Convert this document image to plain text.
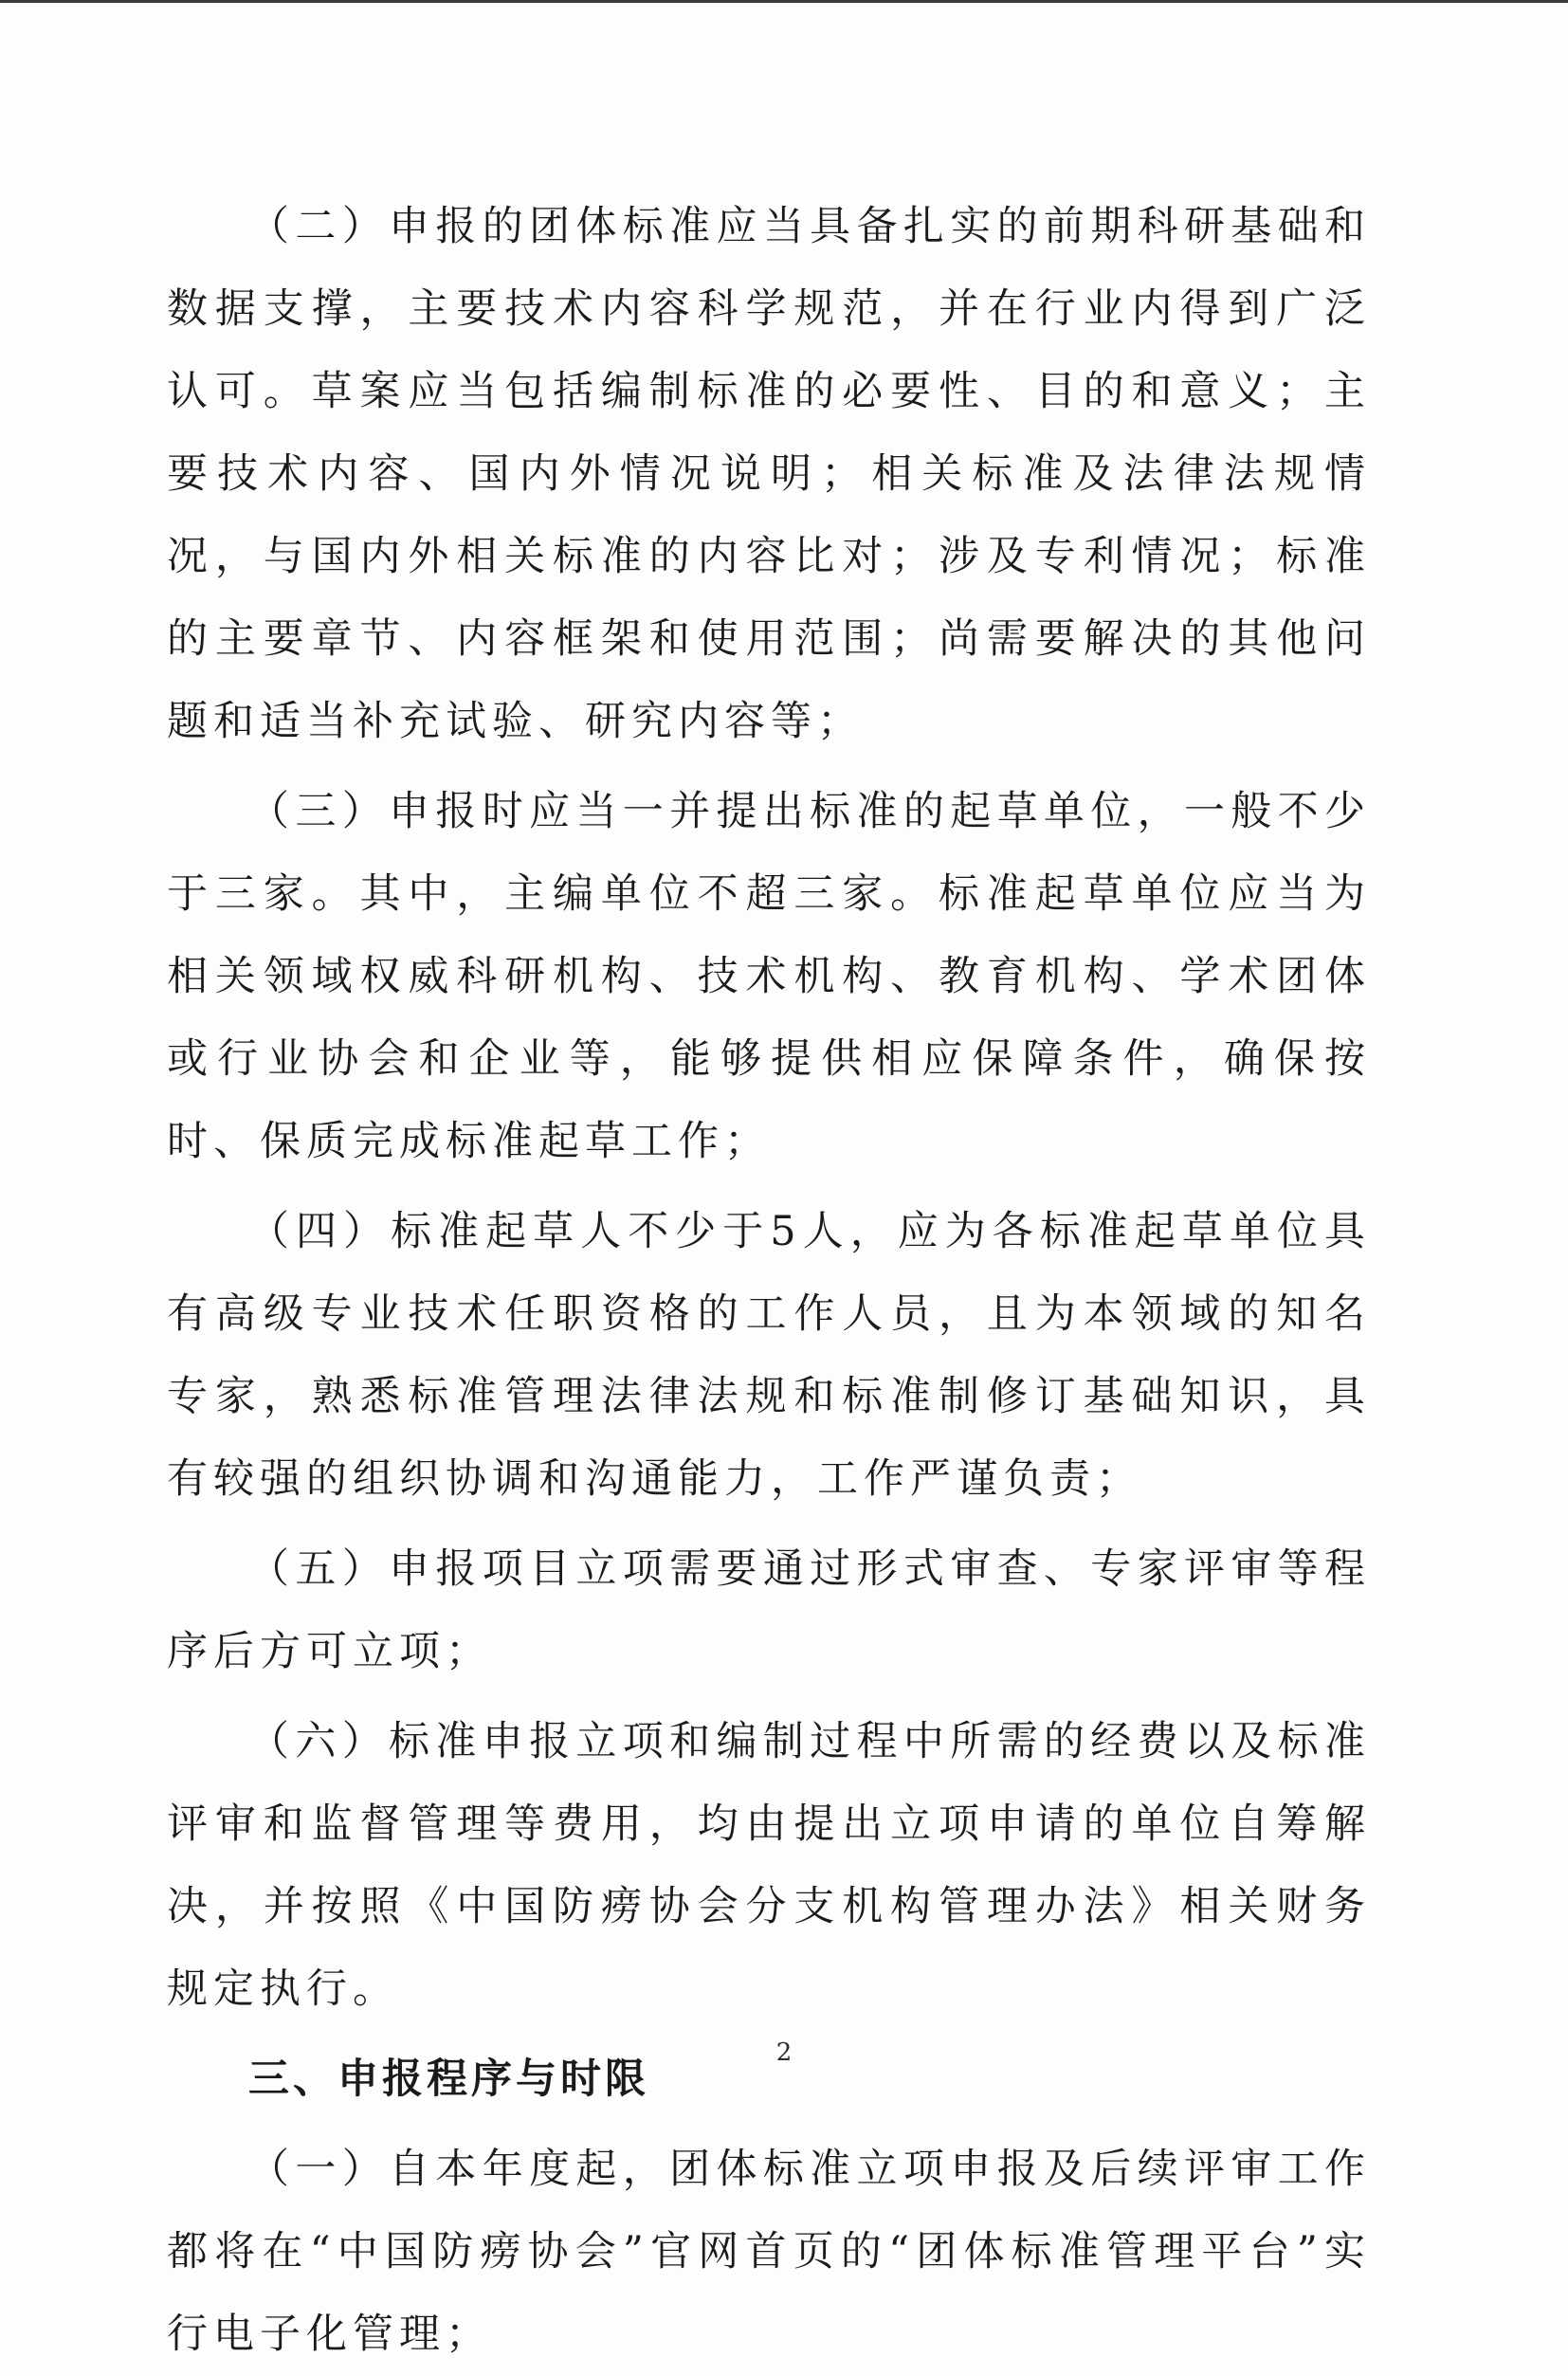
（二）申报的团体标准应当具备扎实的前期科研基础和数据支撑，主要技术内容科学规范，并在行业内得到广泛认可。草案应当包括编制标准的必要性、目的和意义；主要技术内容、国内外情况说明；相关标准及法律法规情况，与国内外相关标准的内容比对；涉及专利情况；标准的主要章节、内容框架和使用范围；尚需要解决的其他问题和适当补充试验、研究内容等；

（三）申报时应当一并提出标准的起草单位，一般不少于三家。其中，主编单位不超三家。标准起草单位应当为相关领域权威科研机构、技术机构、教育机构、学术团体或行业协会和企业等，能够提供相应保障条件，确保按时、保质完成标准起草工作；

（四）标准起草人不少于5人，应为各标准起草单位具有高级专业技术任职资格的工作人员，且为本领域的知名专家，熟悉标准管理法律法规和标准制修订基础知识，具有较强的组织协调和沟通能力，工作严谨负责；

（五）申报项目立项需要通过形式审查、专家评审等程序后方可立项；

（六）标准申报立项和编制过程中所需的经费以及标准评审和监督管理等费用，均由提出立项申请的单位自筹解决，并按照《中国防痨协会分支机构管理办法》相关财务规定执行。

三、申报程序与时限

（一）自本年度起，团体标准立项申报及后续评审工作都将在“中国防痨协会”官网首页的“团体标准管理平台”实行电子化管理；

2
